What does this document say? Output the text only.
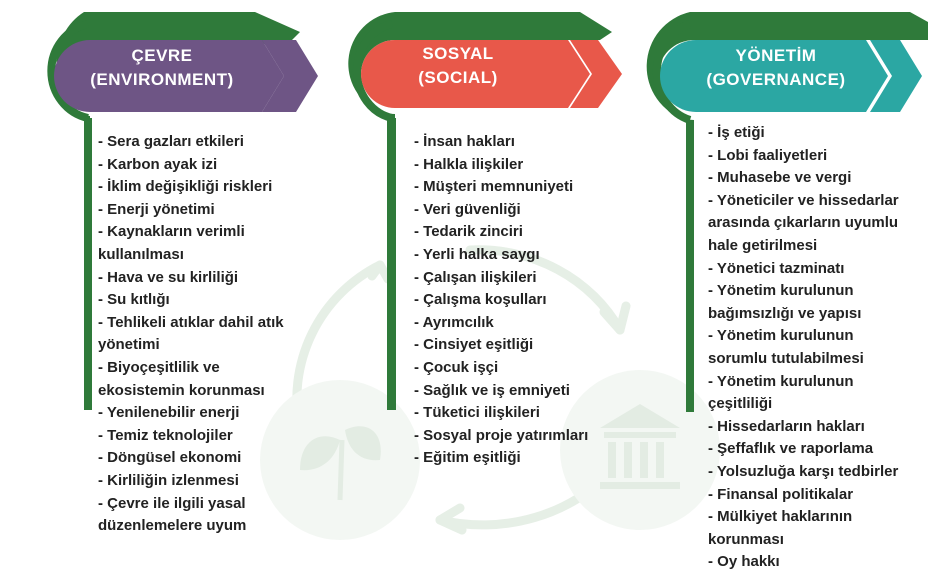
ÇEVRE
(ENVIRONMENT)
SOSYAL
(SOCIAL)
YÖNETİM
(GOVERNANCE)
- Sera gazları etkileri
- Karbon ayak izi
- İklim değişikliği riskleri
- Enerji yönetimi
- Kaynakların verimli
kullanılması
- Hava ve su kirliliği
- Su kıtlığı
- Tehlikeli atıklar dahil atık
yönetimi
- Biyoçeşitlilik ve
ekosistemin korunması
- Yenilenebilir enerji
- Temiz teknolojiler
- Döngüsel ekonomi
- Kirliliğin izlenmesi
- Çevre ile ilgili yasal
düzenlemelere uyum
- İnsan hakları
- Halkla ilişkiler
- Müşteri memnuniyeti
- Veri güvenliği
- Tedarik zinciri
- Yerli halka saygı
- Çalışan ilişkileri
- Çalışma koşulları
- Ayrımcılık
- Cinsiyet eşitliği
- Çocuk işçi
- Sağlık ve iş emniyeti
- Tüketici ilişkileri
- Sosyal proje yatırımları
- Eğitim eşitliği
- İş etiği
- Lobi faaliyetleri
- Muhasebe ve vergi
- Yöneticiler ve hissedarlar
arasında çıkarların uyumlu
hale getirilmesi
- Yönetici tazminatı
- Yönetim kurulunun
bağımsızlığı ve yapısı
- Yönetim kurulunun
sorumlu tutulabilmesi
- Yönetim kurulunun
çeşitliliği
- Hissedarların hakları
- Şeffaflık ve raporlama
- Yolsuzluğa karşı tedbirler
- Finansal politikalar
- Mülkiyet haklarının
korunması
- Oy hakkı
